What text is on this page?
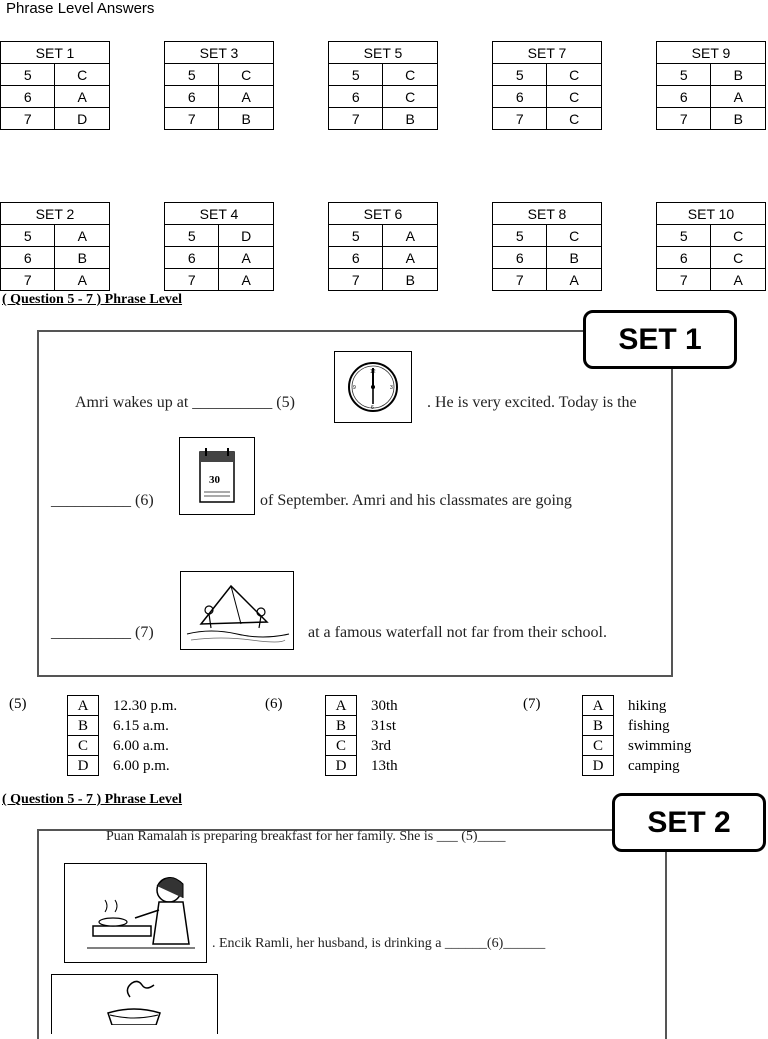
Phrase Level Answers
SET 1	
5	C
6	A
7	D
SET 3	
5	C
6	A
7	B
SET 5	
5	C
6	C
7	B
SET 7	
5	C
6	C
7	C
SET 9	
5	B
6	A
7	B
SET 2	
5	A
6	B
7	A
SET 4	
5	D
6	A
7	A
SET 6	
5	A
6	A
7	B
SET 8	
5	C
6	B
7	A
SET 10	
5	C
6	C
7	A
( Question 5 - 7 ) Phrase Level
SET 1
Amri wakes up at __________ (5)
12
3
6
9
. He is very excited. Today is the
30
__________ (6)	of September. Amri and his classmates are going
__________ (7)	at a famous waterfall not far from their school.
(5)	A	12.30 p.m.
B	6.15 a.m.
C	6.00 a.m.
D	6.00 p.m.
(6)	A	30th
B	31st
C	3rd
D	13th
(7)	A	hiking
B	fishing
C	swimming
D	camping
( Question 5 - 7 ) Phrase Level
SET 2
Puan Ramalah is preparing breakfast for her family. She is ___ (5)____
. Encik Ramli, her husband, is drinking a ______(6)______
